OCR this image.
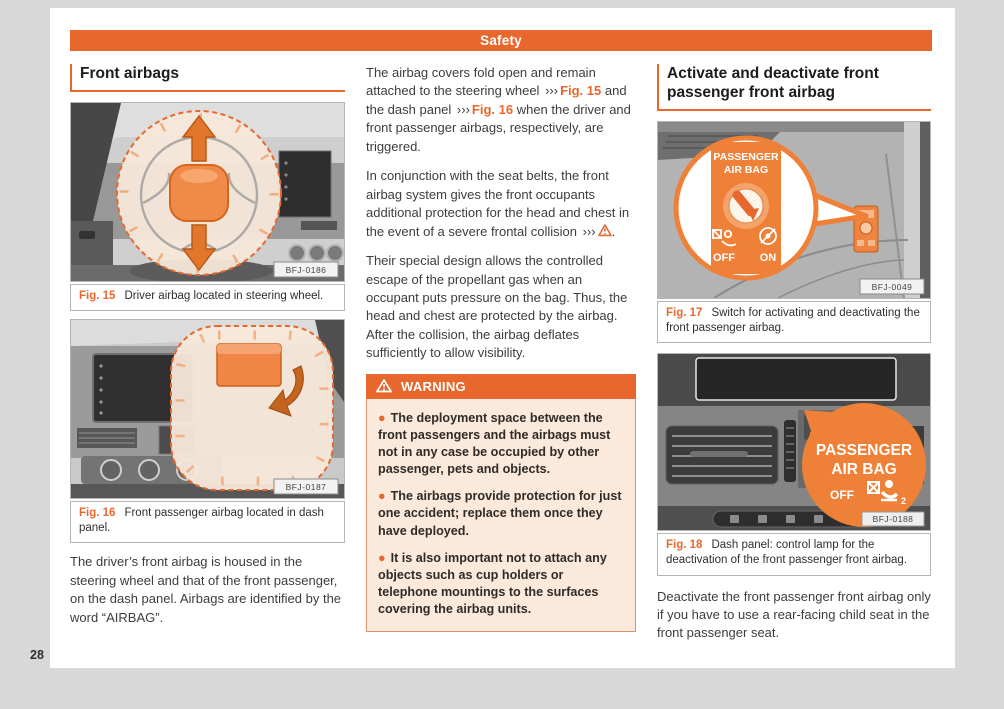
Safety
Front airbags
BFJ-0186
Fig. 15 Driver airbag located in steering wheel.
BFJ-0187
Fig. 16 Front passenger airbag located in dash panel.

The driver’s front airbag is housed in the steering wheel and that of the front passenger, on the dash panel. Airbags are identified by the word “AIRBAG”.

The airbag covers fold open and remain attached to the steering wheel ››› Fig. 15 and the dash panel ››› Fig. 16 when the driver and front passenger airbags, respectively, are triggered.

In conjunction with the seat belts, the front airbag system gives the front occupants additional protection for the head and chest in the event of a severe frontal collision ››› .

Their special design allows the controlled escape of the propellant gas when an occupant puts pressure on the bag. Thus, the head and chest are protected by the airbag. After the collision, the airbag deflates sufficiently to allow visibility.

WARNING
● The deployment space between the front passengers and the airbags must not in any case be occupied by other passenger, pets and objects.
● The airbags provide protection for just one accident; replace them once they have deployed.
● It is also important not to attach any objects such as cup holders or telephone mountings to the surfaces covering the airbag units.
Activate and deactivate front passenger front airbag
PASSENGER
AIR BAG
OFF ON
BFJ-0049
Fig. 17 Switch for activating and deactivating the front passenger airbag.
PASSENGER
AIR BAG
OFF	2
BFJ-0188
Fig. 18 Dash panel: control lamp for the deactivation of the front passenger front airbag.

Deactivate the front passenger front airbag only if you have to use a rear-facing child seat in the front passenger seat.

28
